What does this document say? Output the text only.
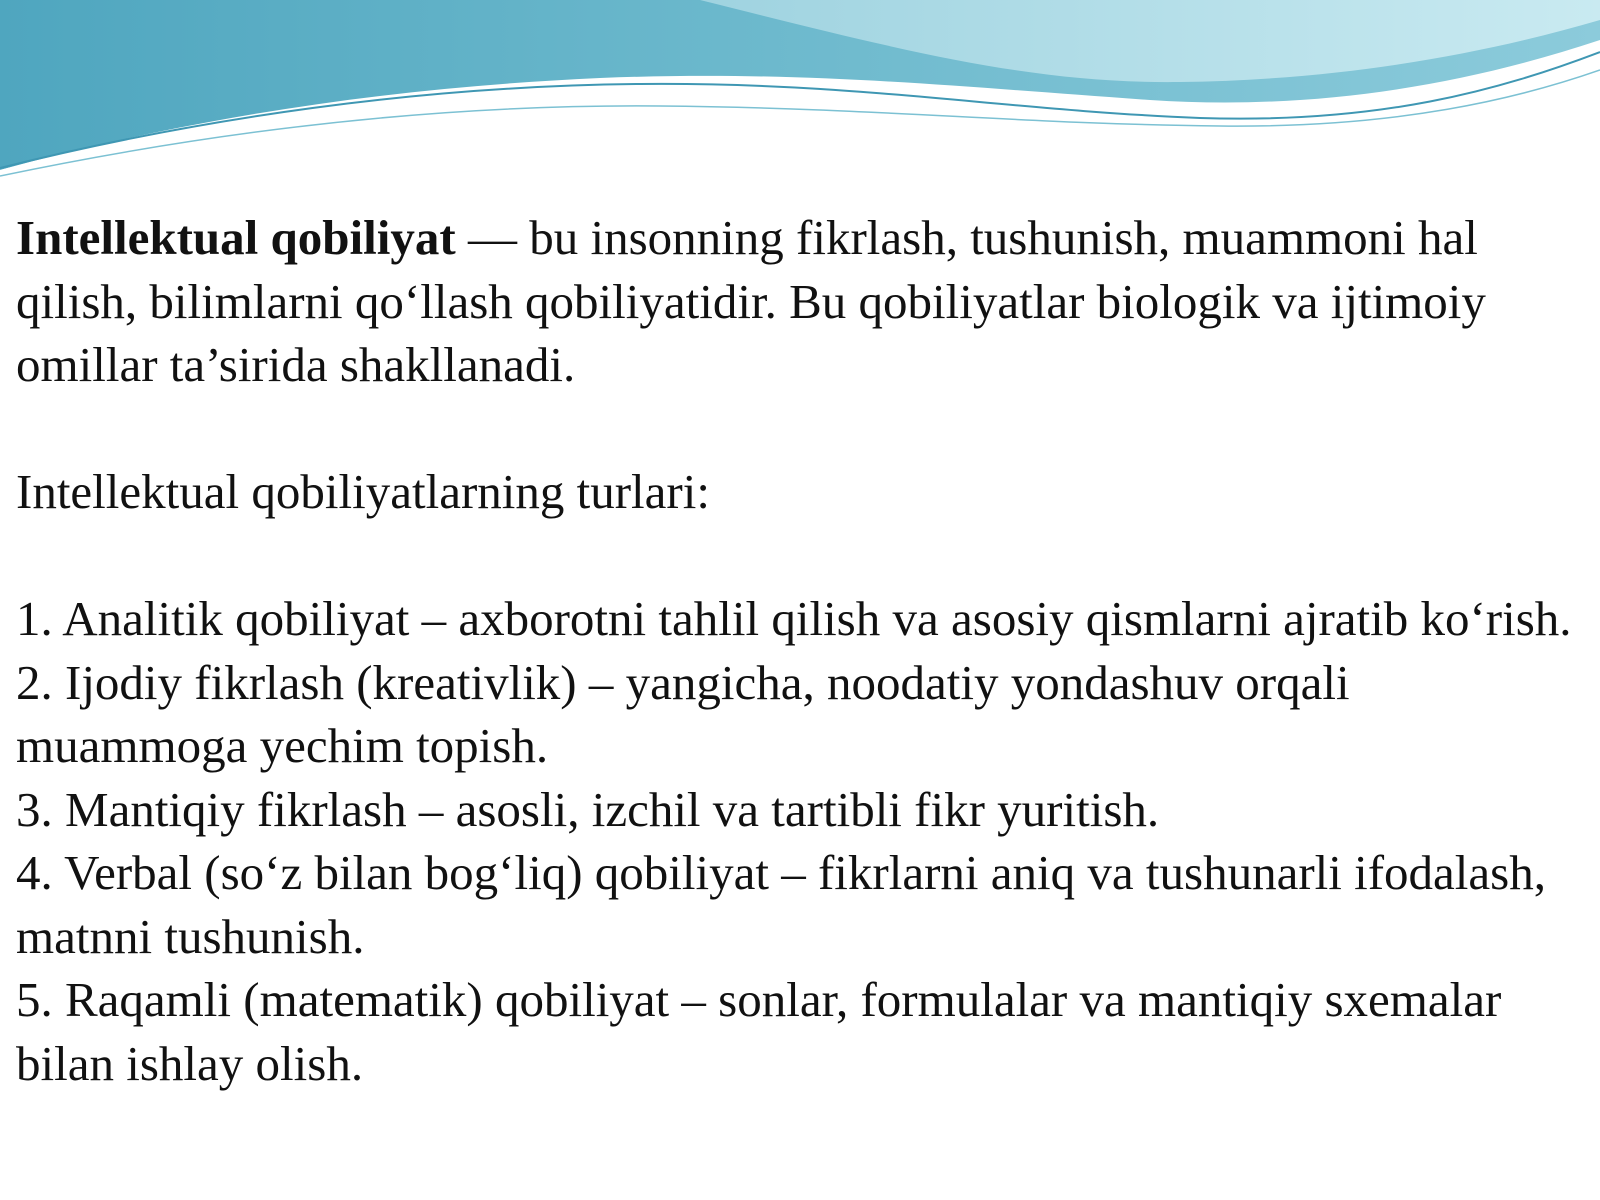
Intellektual qobiliyat — bu insonning fikrlash, tushunish, muammoni hal qilish, bilimlarni qo‘llash qobiliyatidir. Bu qobiliyatlar biologik va ijtimoiy omillar ta’sirida shakllanadi.

Intellektual qobiliyatlarning turlari:

1. Analitik qobiliyat – axborotni tahlil qilish va asosiy qismlarni ajratib ko‘rish.

2. Ijodiy fikrlash (kreativlik) – yangicha, noodatiy yondashuv orqali muammoga yechim topish.

3. Mantiqiy fikrlash – asosli, izchil va tartibli fikr yuritish.

4. Verbal (so‘z bilan bog‘liq) qobiliyat – fikrlarni aniq va tushunarli ifodalash, matnni tushunish.

5. Raqamli (matematik) qobiliyat – sonlar, formulalar va mantiqiy sxemalar bilan ishlay olish.
